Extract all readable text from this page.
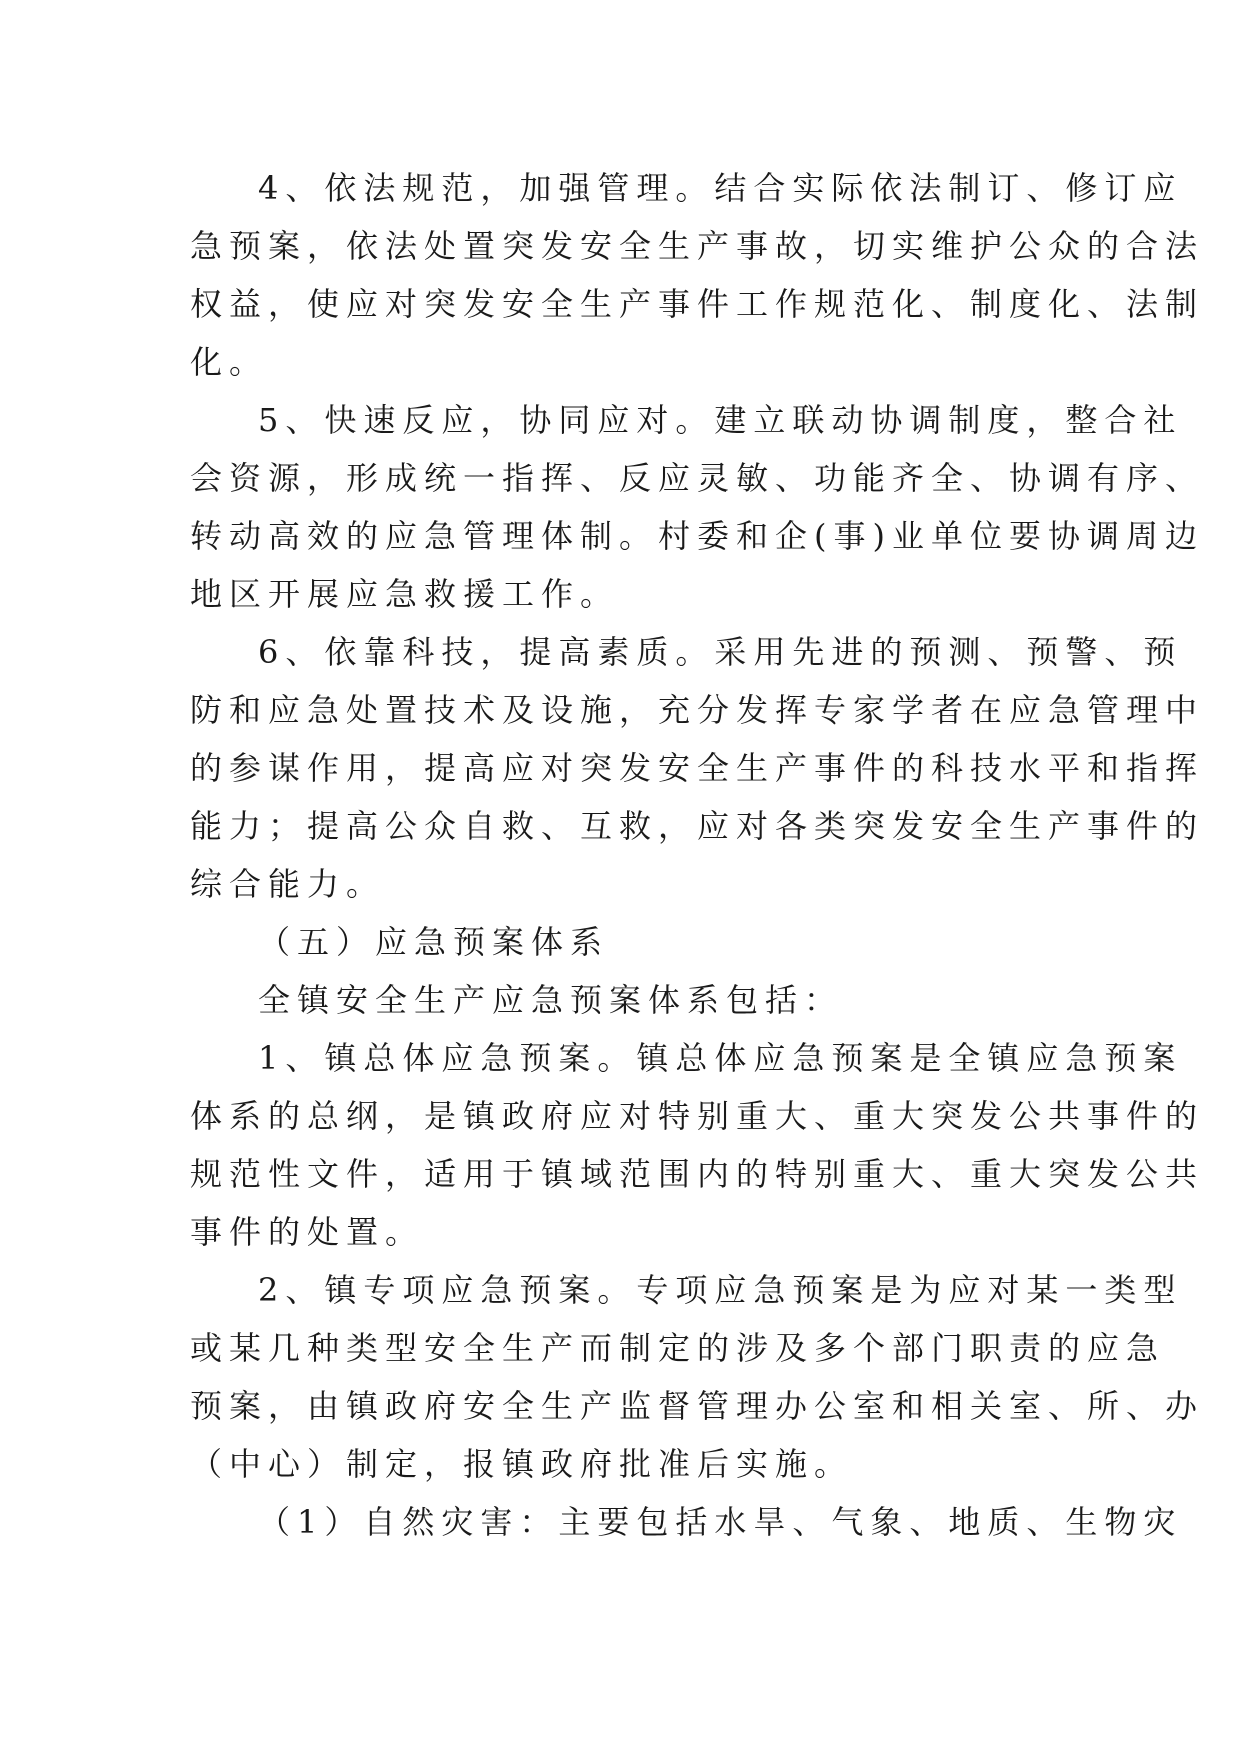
4、依法规范，加强管理。结合实际依法制订、修订应
急预案，依法处置突发安全生产事故，切实维护公众的合法
权益，使应对突发安全生产事件工作规范化、制度化、法制
化。
5、快速反应，协同应对。建立联动协调制度，整合社
会资源，形成统一指挥、反应灵敏、功能齐全、协调有序、
转动高效的应急管理体制。村委和企(事)业单位要协调周边
地区开展应急救援工作。
6、依靠科技，提高素质。采用先进的预测、预警、预
防和应急处置技术及设施，充分发挥专家学者在应急管理中
的参谋作用，提高应对突发安全生产事件的科技水平和指挥
能力；提高公众自救、互救，应对各类突发安全生产事件的
综合能力。
（五）应急预案体系
全镇安全生产应急预案体系包括：
1、镇总体应急预案。镇总体应急预案是全镇应急预案
体系的总纲，是镇政府应对特别重大、重大突发公共事件的
规范性文件，适用于镇域范围内的特别重大、重大突发公共
事件的处置。
2、镇专项应急预案。专项应急预案是为应对某一类型
或某几种类型安全生产而制定的涉及多个部门职责的应急
预案，由镇政府安全生产监督管理办公室和相关室、所、办
（中心）制定，报镇政府批准后实施。
（1）自然灾害：主要包括水旱、气象、地质、生物灾
